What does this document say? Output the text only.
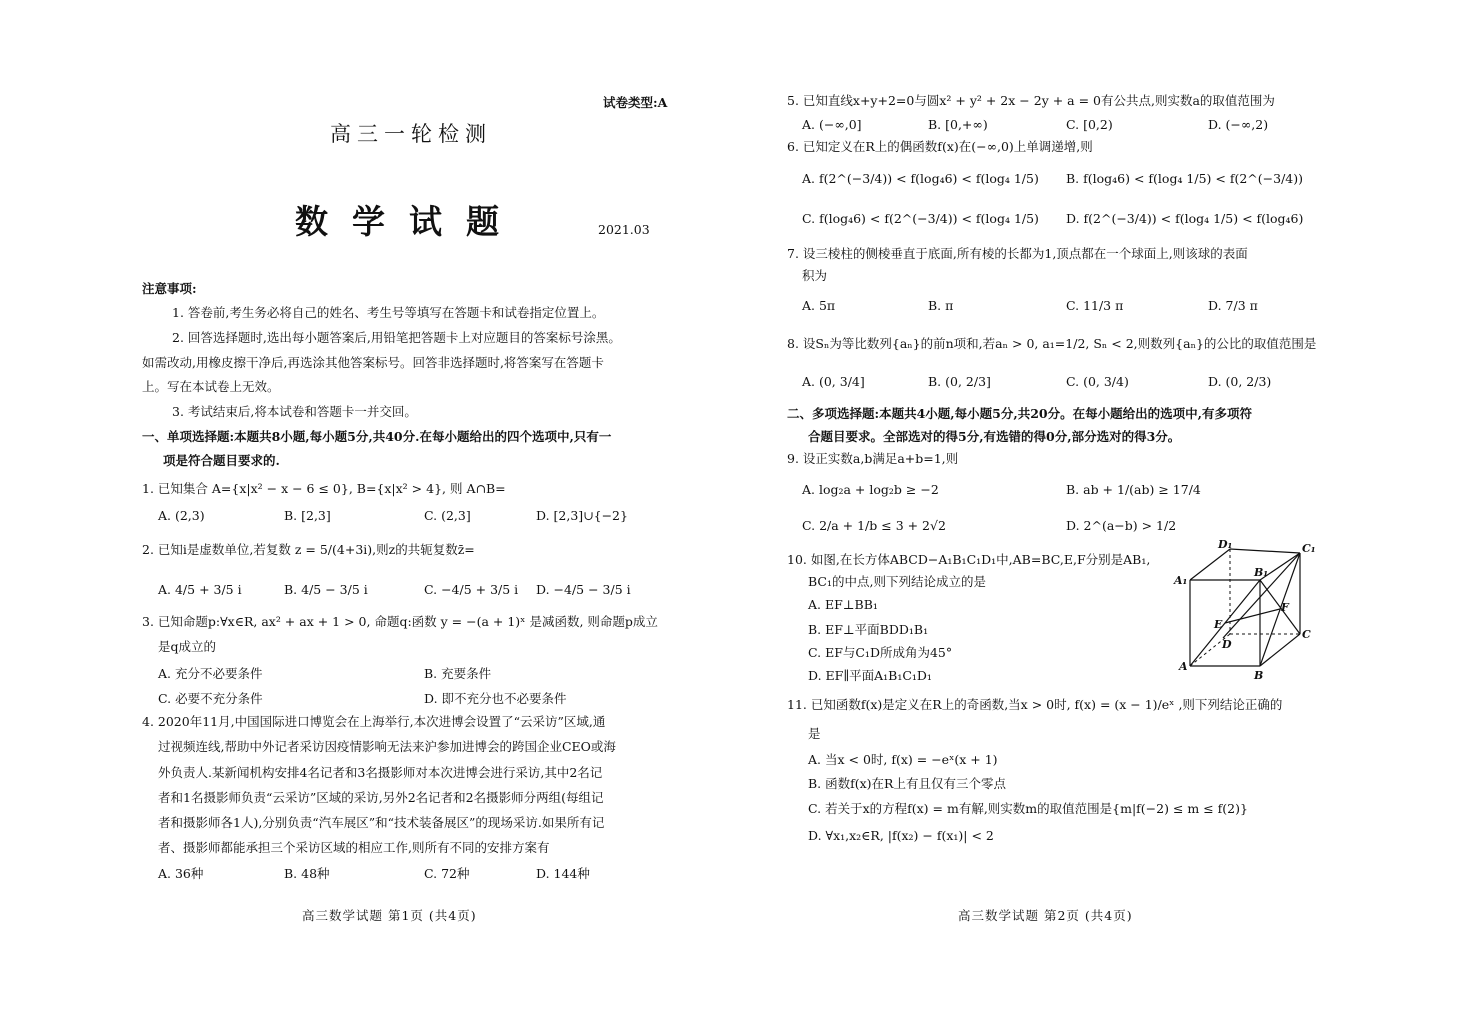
试卷类型:A
高三一轮检测
数学试题	2021.03
注意事项:
1. 答卷前,考生务必将自己的姓名、考生号等填写在答题卡和试卷指定位置上。
2. 回答选择题时,选出每小题答案后,用铅笔把答题卡上对应题目的答案标号涂黑。
如需改动,用橡皮擦干净后,再选涂其他答案标号。回答非选择题时,将答案写在答题卡
上。写在本试卷上无效。
3. 考试结束后,将本试卷和答题卡一并交回。
一、单项选择题:本题共8小题,每小题5分,共40分.在每小题给出的四个选项中,只有一
项是符合题目要求的.
1. 已知集合 A={x|x² − x − 6 ≤ 0}, B={x|x² > 4}, 则 A∩B=
A. (2,3)	B. [2,3]	C. (2,3]	D. [2,3]∪{−2}
2. 已知i是虚数单位,若复数 z = 5/(4+3i),则z的共轭复数z̄=
A. 4/5 + 3/5 i	B. 4/5 − 3/5 i	C. −4/5 + 3/5 i D. −4/5 − 3/5 i
3. 已知命题p:∀x∈R, ax² + ax + 1 > 0, 命题q:函数 y = −(a + 1)ˣ 是减函数, 则命题p成立
是q成立的
A. 充分不必要条件	B. 充要条件
C. 必要不充分条件	D. 即不充分也不必要条件
4. 2020年11月,中国国际进口博览会在上海举行,本次进博会设置了“云采访”区域,通
过视频连线,帮助中外记者采访因疫情影响无法来沪参加进博会的跨国企业CEO或海
外负责人.某新闻机构安排4名记者和3名摄影师对本次进博会进行采访,其中2名记
者和1名摄影师负责“云采访”区域的采访,另外2名记者和2名摄影师分两组(每组记
者和摄影师各1人),分别负责“汽车展区”和“技术装备展区”的现场采访.如果所有记
者、摄影师都能承担三个采访区域的相应工作,则所有不同的安排方案有
A. 36种	B. 48种	C. 72种	D. 144种
高三数学试题 第1页 (共4页)
5. 已知直线x+y+2=0与圆x² + y² + 2x − 2y + a = 0有公共点,则实数a的取值范围为
A. (−∞,0]	B. [0,+∞)	C. [0,2)	D. (−∞,2)
6. 已知定义在R上的偶函数f(x)在(−∞,0)上单调递增,则
A. f(2^(−3/4)) < f(log₄6) < f(log₄ 1/5) B. f(log₄6) < f(log₄ 1/5) < f(2^(−3/4))
C. f(log₄6) < f(2^(−3/4)) < f(log₄ 1/5) D. f(2^(−3/4)) < f(log₄ 1/5) < f(log₄6)
7. 设三棱柱的侧棱垂直于底面,所有棱的长都为1,顶点都在一个球面上,则该球的表面
积为
A. 5π	B. π	C. 11/3 π	D. 7/3 π
8. 设Sₙ为等比数列{aₙ}的前n项和,若aₙ > 0, a₁=1/2, Sₙ < 2,则数列{aₙ}的公比的取值范围是
A. (0, 3/4]	B. (0, 2/3]	C. (0, 3/4)	D. (0, 2/3)
二、多项选择题:本题共4小题,每小题5分,共20分。在每小题给出的选项中,有多项符
合题目要求。全部选对的得5分,有选错的得0分,部分选对的得3分。
9. 设正实数a,b满足a+b=1,则
A. log₂a + log₂b ≥ −2	B. ab + 1/(ab) ≥ 17/4
C. 2/a + 1/b ≤ 3 + 2√2	D. 2^(a−b) > 1/2
10. 如图,在长方体ABCD−A₁B₁C₁D₁中,AB=BC,E,F分别是AB₁,
BC₁的中点,则下列结论成立的是
A. EF⊥BB₁
B. EF⊥平面BDD₁B₁
C. EF与C₁D所成角为45°
D. EF∥平面A₁B₁C₁D₁
D₁	C₁
A₁
B₁
F
E
D
C
A
B
11. 已知函数f(x)是定义在R上的奇函数,当x > 0时, f(x) = (x − 1)/eˣ ,则下列结论正确的
是
A. 当x < 0时, f(x) = −eˣ(x + 1)
B. 函数f(x)在R上有且仅有三个零点
C. 若关于x的方程f(x) = m有解,则实数m的取值范围是{m|f(−2) ≤ m ≤ f(2)}
D. ∀x₁,x₂∈R, |f(x₂) − f(x₁)| < 2
高三数学试题 第2页 (共4页)
